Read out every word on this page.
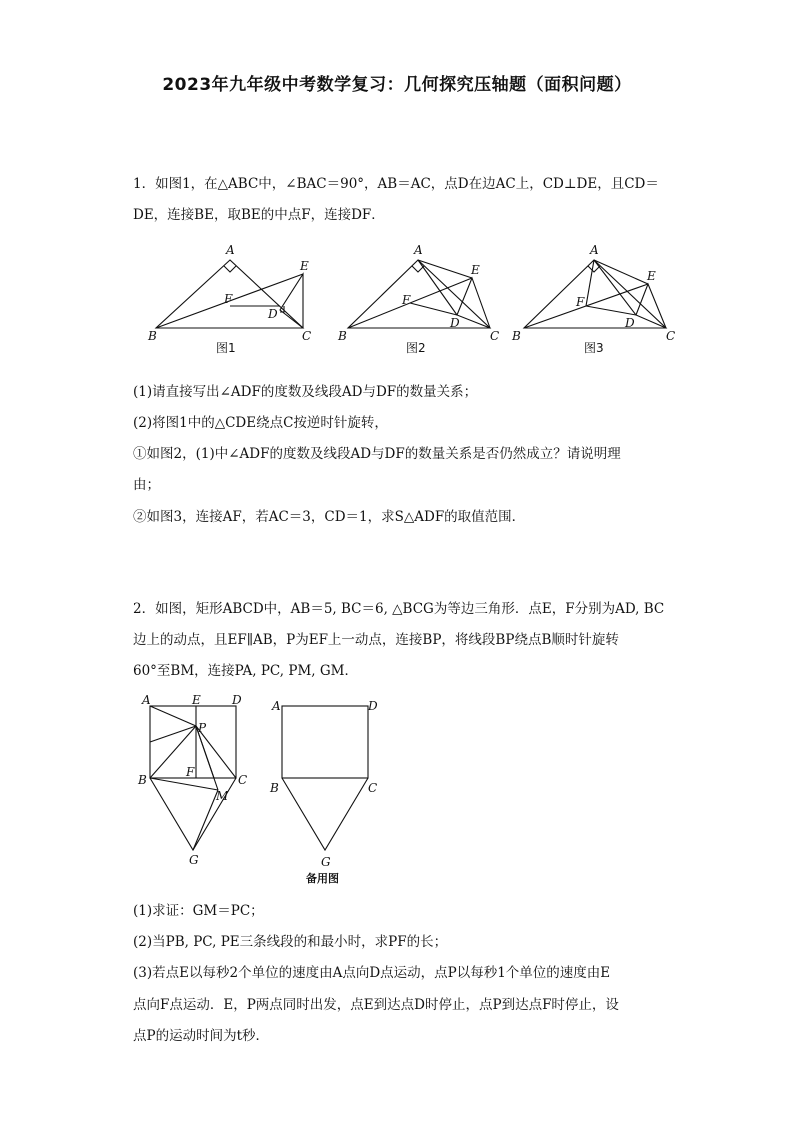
2023年九年级中考数学复习：几何探究压轴题（面积问题）
1．如图1，在△ABC中，∠BAC＝90°，AB＝AC，点D在边AC上，CD⊥DE，且CD＝
DE，连接BE，取BE的中点F，连接DF．
A
B	C
D
E
F
图1
A
B	C
D
E
F
图2
A
B	C
D
E
F
图3
(1)请直接写出∠ADF的度数及线段AD与DF的数量关系；
(2)将图1中的△CDE绕点C按逆时针旋转，
①如图2，(1)中∠ADF的度数及线段AD与DF的数量关系是否仍然成立？请说明理
由；
②如图3，连接AF，若AC＝3，CD＝1，求S△ADF的取值范围．
2．如图，矩形ABCD中，AB＝5, BC＝6, △BCG为等边三角形．点E，F分别为AD, BC
边上的动点，且EF∥AB，P为EF上一动点，连接BP，将线段BP绕点B顺时针旋转
60°至BM，连接PA, PC, PM, GM．
A	E	D
P
F
B	C
M
G
A	D
B	C
G
备用图
(1)求证：GM＝PC；
(2)当PB, PC, PE三条线段的和最小时，求PF的长；
(3)若点E以每秒2个单位的速度由A点向D点运动，点P以每秒1个单位的速度由E
点向F点运动．E，P两点同时出发，点E到达点D时停止，点P到达点F时停止，设
点P的运动时间为t秒．
